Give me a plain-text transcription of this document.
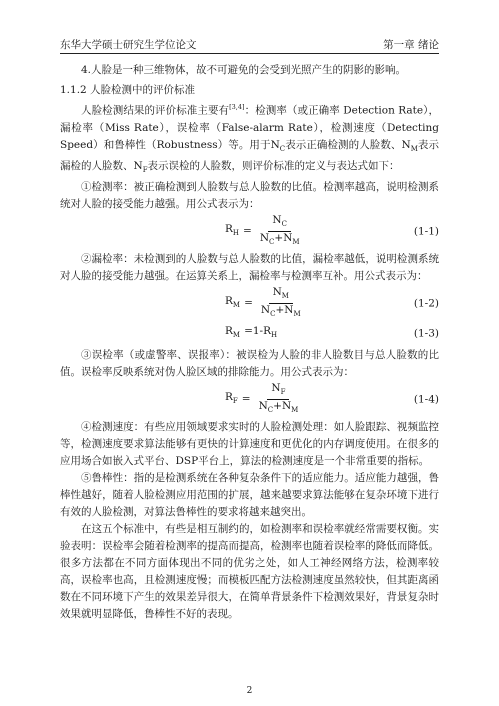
东华大学硕士研究生学位论文	第一章 绪论

4.人脸是一种三维物体，故不可避免的会受到光照产生的阴影的影响。

1.1.2 人脸检测中的评价标准

人脸检测结果的评价标准主要有[3,4]：检测率（或正确率 Detection Rate），漏检率（Miss Rate），误检率（False-alarm Rate），检测速度（Detecting Speed）和鲁棒性（Robustness）等。用于$N_C$表示正确检测的人脸数、$N_M$表示漏检的人脸数、$N_F$表示误检的人脸数，则评价标准的定义与表达式如下：

①检测率：被正确检测到人脸数与总人脸数的比值。检测率越高，说明检测系统对人脸的接受能力越强。用公式表示为：

$R_H = \frac{N_C}{N_C+N_M}$	(1-1)

②漏检率：未检测到的人脸数与总人脸数的比值，漏检率越低，说明检测系统对人脸的接受能力越强。在运算关系上，漏检率与检测率互补。用公式表示为：

$R_M = \frac{N_M}{N_C+N_M}$	(1-2)
$R_M =1-R_H$	(1-3)

③误检率（或虚警率、误报率）：被误检为人脸的非人脸数目与总人脸数的比值。误检率反映系统对伪人脸区域的排除能力。用公式表示为：

$R_F = \frac{N_F}{N_C+N_M}$	(1-4)

④检测速度：有些应用领域要求实时的人脸检测处理：如人脸跟踪、视频监控等，检测速度要求算法能够有更快的计算速度和更优化的内存调度使用。在很多的应用场合如嵌入式平台、DSP平台上，算法的检测速度是一个非常重要的指标。

⑤鲁棒性：指的是检测系统在各种复杂条件下的适应能力。适应能力越强，鲁棒性越好，随着人脸检测应用范围的扩展，越来越要求算法能够在复杂环境下进行有效的人脸检测，对算法鲁棒性的要求将越来越突出。

在这五个标准中，有些是相互制约的，如检测率和误检率就经常需要权衡。实验表明：误检率会随着检测率的提高而提高，检测率也随着误检率的降低而降低。很多方法都在不同方面体现出不同的优劣之处，如人工神经网络方法，检测率较高，误检率也高，且检测速度慢；而模板匹配方法检测速度虽然较快，但其距离函数在不同环境下产生的效果差异很大，在简单背景条件下检测效果好，背景复杂时效果就明显降低，鲁棒性不好的表现。

2
